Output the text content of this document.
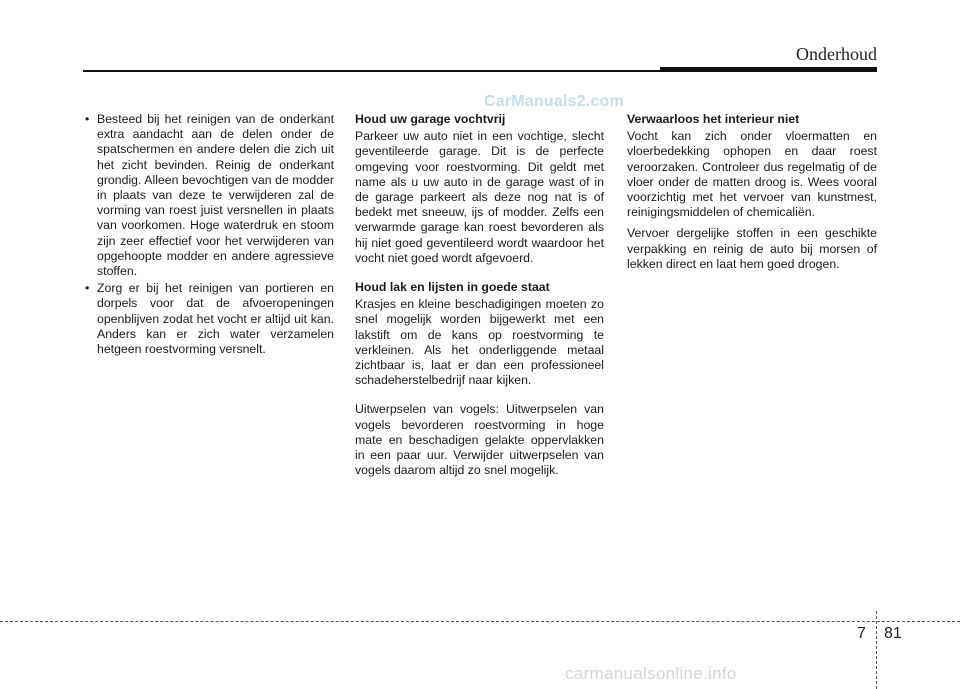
Onderhoud
CarManuals2.com

• Besteed bij het reinigen van de onderkant extra aandacht aan de delen onder de spatschermen en andere delen die zich uit het zicht bevinden. Reinig de onderkant grondig. Alleen bevochtigen van de modder in plaats van deze te verwijderen zal de vorming van roest juist versnellen in plaats van voorkomen. Hoge waterdruk en stoom zijn zeer effectief voor het verwijderen van opgehoopte modder en andere agressieve stoffen.

• Zorg er bij het reinigen van portieren en dorpels voor dat de afvoeropeningen openblijven zodat het vocht er altijd uit kan. Anders kan er zich water verzamelen hetgeen roestvorming versnelt.

Houd uw garage vochtvrij

Parkeer uw auto niet in een vochtige, slecht geventileerde garage. Dit is de perfecte omgeving voor roestvorming. Dit geldt met name als u uw auto in de garage wast of in de garage parkeert als deze nog nat is of bedekt met sneeuw, ijs of modder. Zelfs een verwarmde garage kan roest bevorderen als hij niet goed geventileerd wordt waardoor het vocht niet goed wordt afgevoerd.

Houd lak en lijsten in goede staat

Krasjes en kleine beschadigingen moeten zo snel mogelijk worden bijgewerkt met een lakstift om de kans op roestvorming te verkleinen. Als het onderliggende metaal zichtbaar is, laat er dan een professioneel schadeherstelbedrijf naar kijken.

Uitwerpselen van vogels: Uitwerpselen van vogels bevorderen roestvorming in hoge mate en beschadigen gelakte oppervlakken in een paar uur. Verwijder uitwerpselen van vogels daarom altijd zo snel mogelijk.

Verwaarloos het interieur niet

Vocht kan zich onder vloermatten en vloerbedekking ophopen en daar roest veroorzaken. Controleer dus regelmatig of de vloer onder de matten droog is. Wees vooral voorzichtig met het vervoer van kunstmest, reinigingsmiddelen of chemicaliën.

Vervoer dergelijke stoffen in een geschikte verpakking en reinig de auto bij morsen of lekken direct en laat hem goed drogen.

7 81
carmanualsonline.info
